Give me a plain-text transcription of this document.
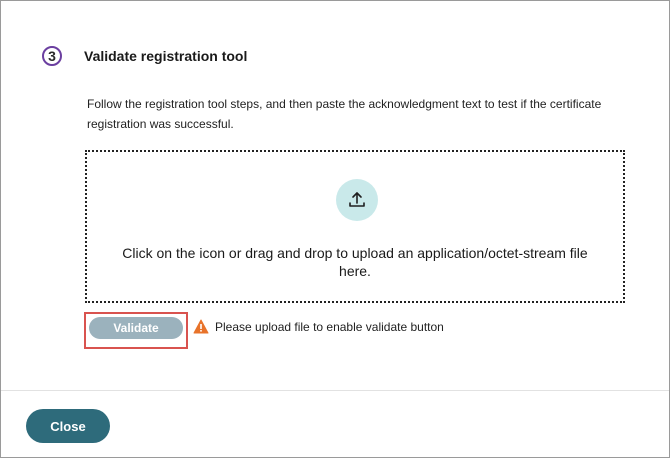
3	Validate registration tool
Follow the registration tool steps, and then paste the acknowledgment text to test if the certificate registration was successful.
Click on the icon or drag and drop to upload an application/octet-stream file here.
Validate	Please upload file to enable validate button
Close
